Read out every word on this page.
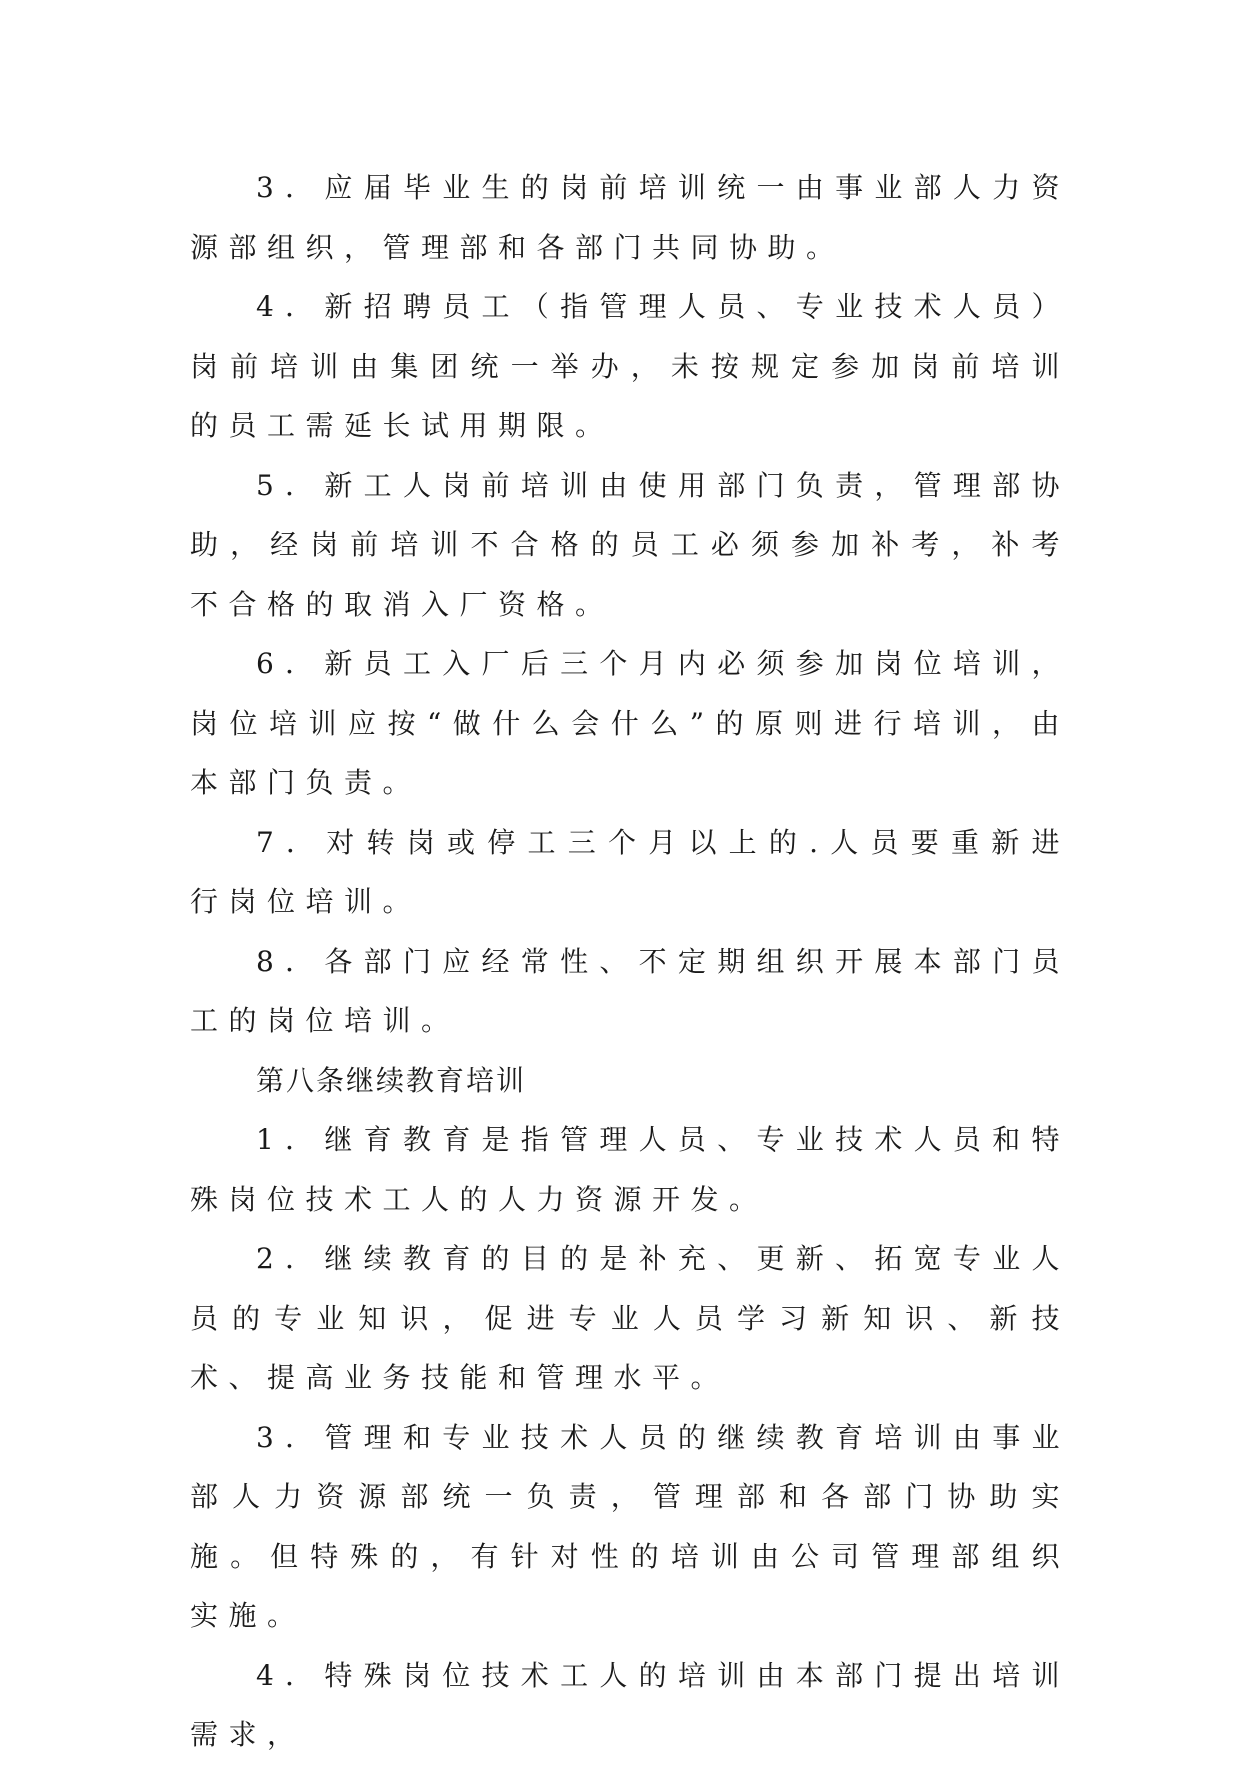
3．应届毕业生的岗前培训统一由事业部人力资源部组织，管理部和各部门共同协助。

4．新招聘员工（指管理人员、专业技术人员）岗前培训由集团统一举办，未按规定参加岗前培训的员工需延长试用期限。

5．新工人岗前培训由使用部门负责，管理部协助，经岗前培训不合格的员工必须参加补考，补考不合格的取消入厂资格。

6．新员工入厂后三个月内必须参加岗位培训，岗位培训应按“做什么会什么”的原则进行培训，由本部门负责。

7．对转岗或停工三个月以上的.人员要重新进行岗位培训。

8．各部门应经常性、不定期组织开展本部门员工的岗位培训。

第八条继续教育培训

1．继育教育是指管理人员、专业技术人员和特殊岗位技术工人的人力资源开发。

2．继续教育的目的是补充、更新、拓宽专业人员的专业知识，促进专业人员学习新知识、新技术、提高业务技能和管理水平。

3．管理和专业技术人员的继续教育培训由事业部人力资源部统一负责，管理部和各部门协助实施。但特殊的，有针对性的培训由公司管理部组织实施。

4．特殊岗位技术工人的培训由本部门提出培训需求，
